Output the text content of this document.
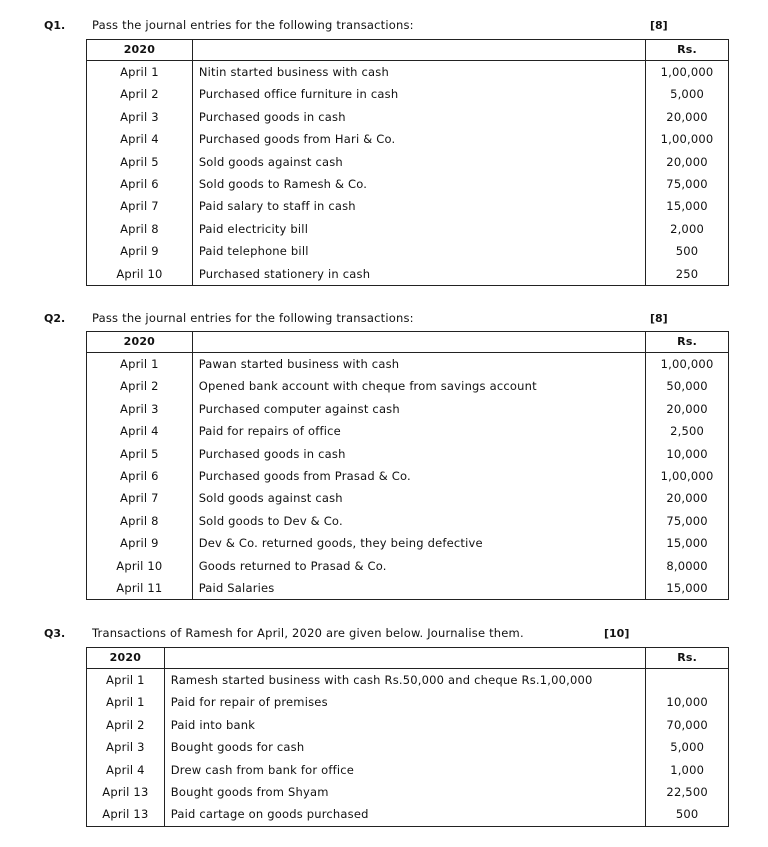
Q1. Pass the journal entries for the following transactions:	[8]
2020		Rs.
April 1	Nitin started business with cash	1,00,000
April 2	Purchased office furniture in cash	5,000
April 3	Purchased goods in cash	20,000
April 4	Purchased goods from Hari & Co.	1,00,000
April 5	Sold goods against cash	20,000
April 6	Sold goods to Ramesh & Co.	75,000
April 7	Paid salary to staff in cash	15,000
April 8	Paid electricity bill	2,000
April 9	Paid telephone bill	500
April 10	Purchased stationery in cash	250
Q2. Pass the journal entries for the following transactions:	[8]
2020		Rs.
April 1	Pawan started business with cash	1,00,000
April 2	Opened bank account with cheque from savings account	50,000
April 3	Purchased computer against cash	20,000
April 4	Paid for repairs of office	2,500
April 5	Purchased goods in cash	10,000
April 6	Purchased goods from Prasad & Co.	1,00,000
April 7	Sold goods against cash	20,000
April 8	Sold goods to Dev & Co.	75,000
April 9	Dev & Co. returned goods, they being defective	15,000
April 10	Goods returned to Prasad & Co.	8,0000
April 11	Paid Salaries	15,000
Q3. Transactions of Ramesh for April, 2020 are given below. Journalise them.	[10]
2020		Rs.
April 1	Ramesh started business with cash Rs.50,000 and cheque Rs.1,00,000	
April 1	Paid for repair of premises	10,000
April 2	Paid into bank	70,000
April 3	Bought goods for cash	5,000
April 4	Drew cash from bank for office	1,000
April 13	Bought goods from Shyam	22,500
April 13	Paid cartage on goods purchased	500
